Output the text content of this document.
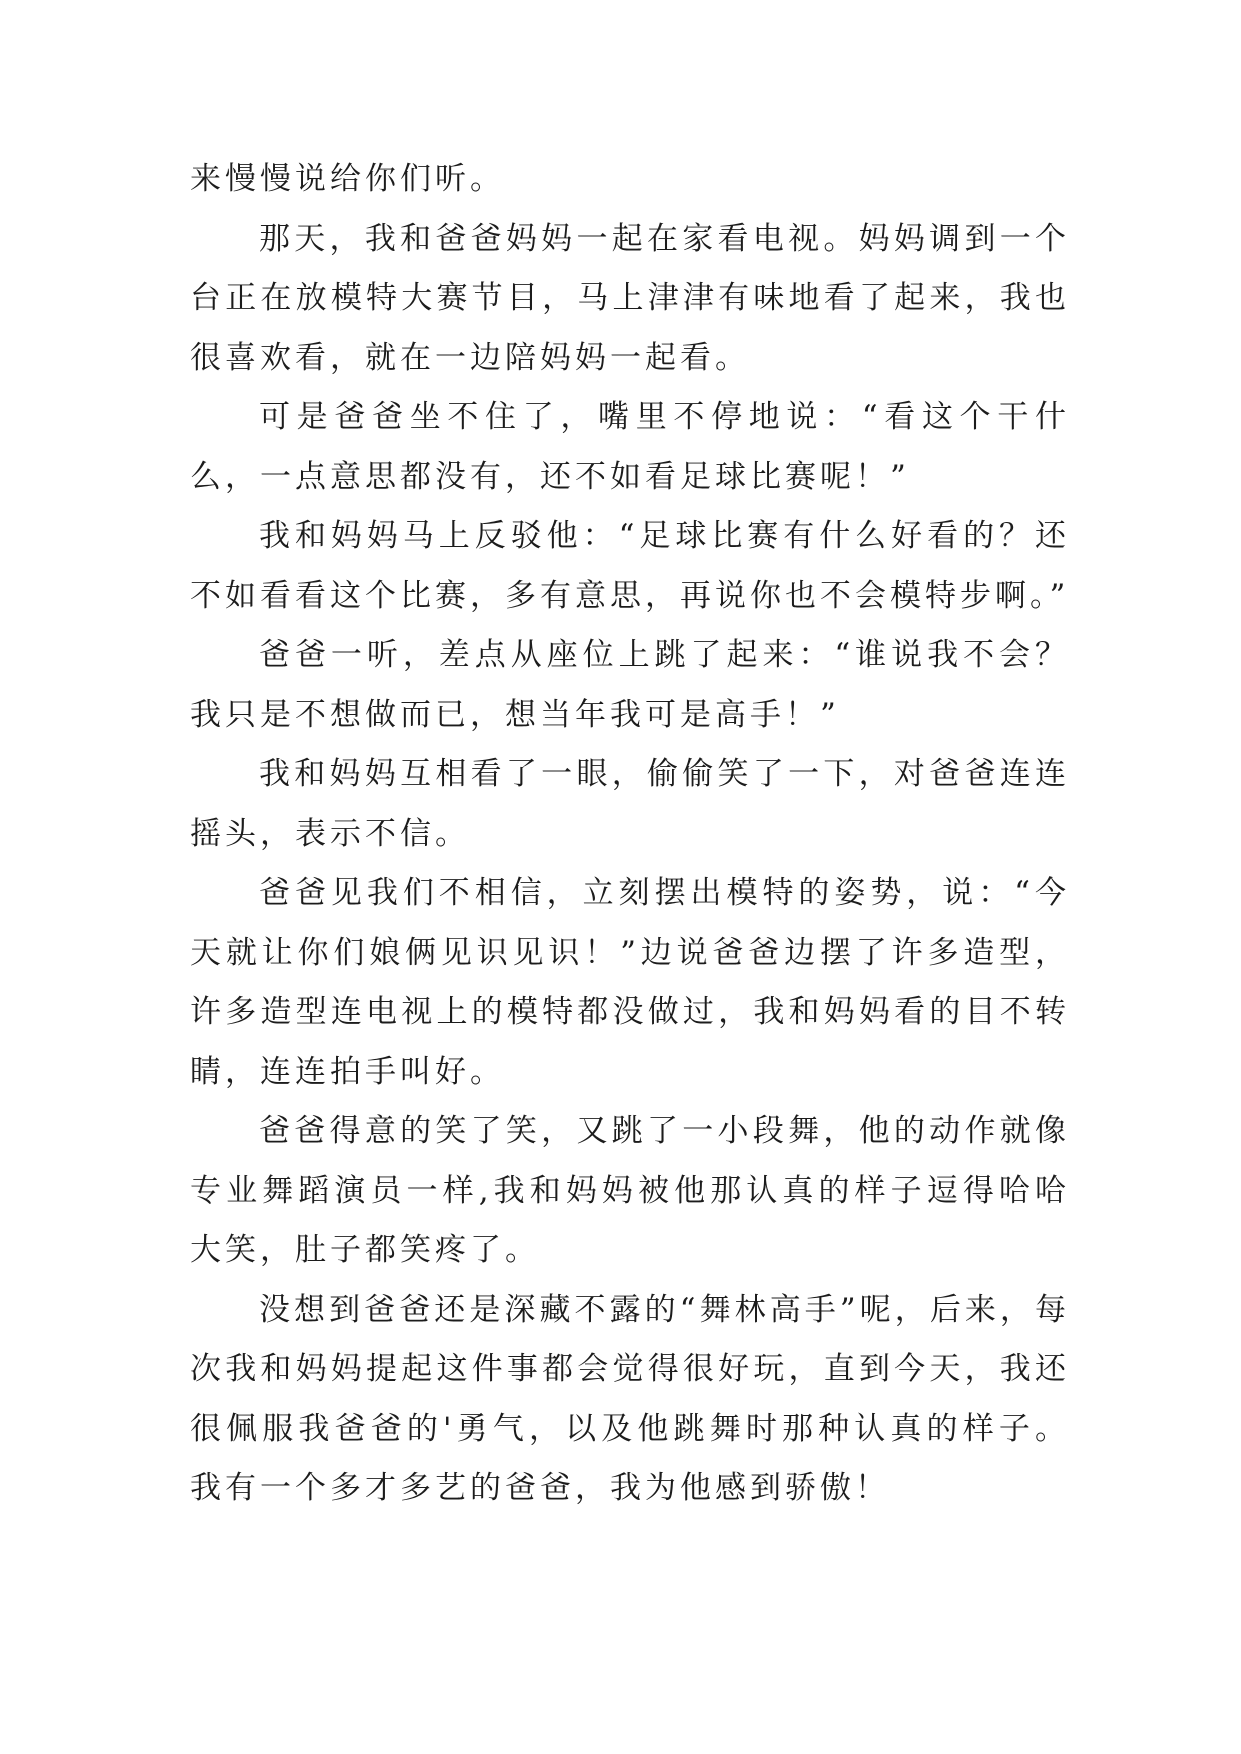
来慢慢说给你们听。

那天，我和爸爸妈妈一起在家看电视。妈妈调到一个台正在放模特大赛节目，马上津津有味地看了起来，我也很喜欢看，就在一边陪妈妈一起看。

可是爸爸坐不住了，嘴里不停地说：“看这个干什么，一点意思都没有，还不如看足球比赛呢！”

我和妈妈马上反驳他：“足球比赛有什么好看的？还不如看看这个比赛，多有意思，再说你也不会模特步啊。”

爸爸一听，差点从座位上跳了起来：“谁说我不会？我只是不想做而已，想当年我可是高手！”

我和妈妈互相看了一眼，偷偷笑了一下，对爸爸连连摇头，表示不信。

爸爸见我们不相信，立刻摆出模特的姿势，说：“今天就让你们娘俩见识见识！”边说爸爸边摆了许多造型，许多造型连电视上的模特都没做过，我和妈妈看的目不转睛，连连拍手叫好。

爸爸得意的笑了笑，又跳了一小段舞，他的动作就像专业舞蹈演员一样,我和妈妈被他那认真的样子逗得哈哈大笑，肚子都笑疼了。

没想到爸爸还是深藏不露的“舞林高手”呢，后来，每次我和妈妈提起这件事都会觉得很好玩，直到今天，我还很佩服我爸爸的'勇气，以及他跳舞时那种认真的样子。我有一个多才多艺的爸爸，我为他感到骄傲！
